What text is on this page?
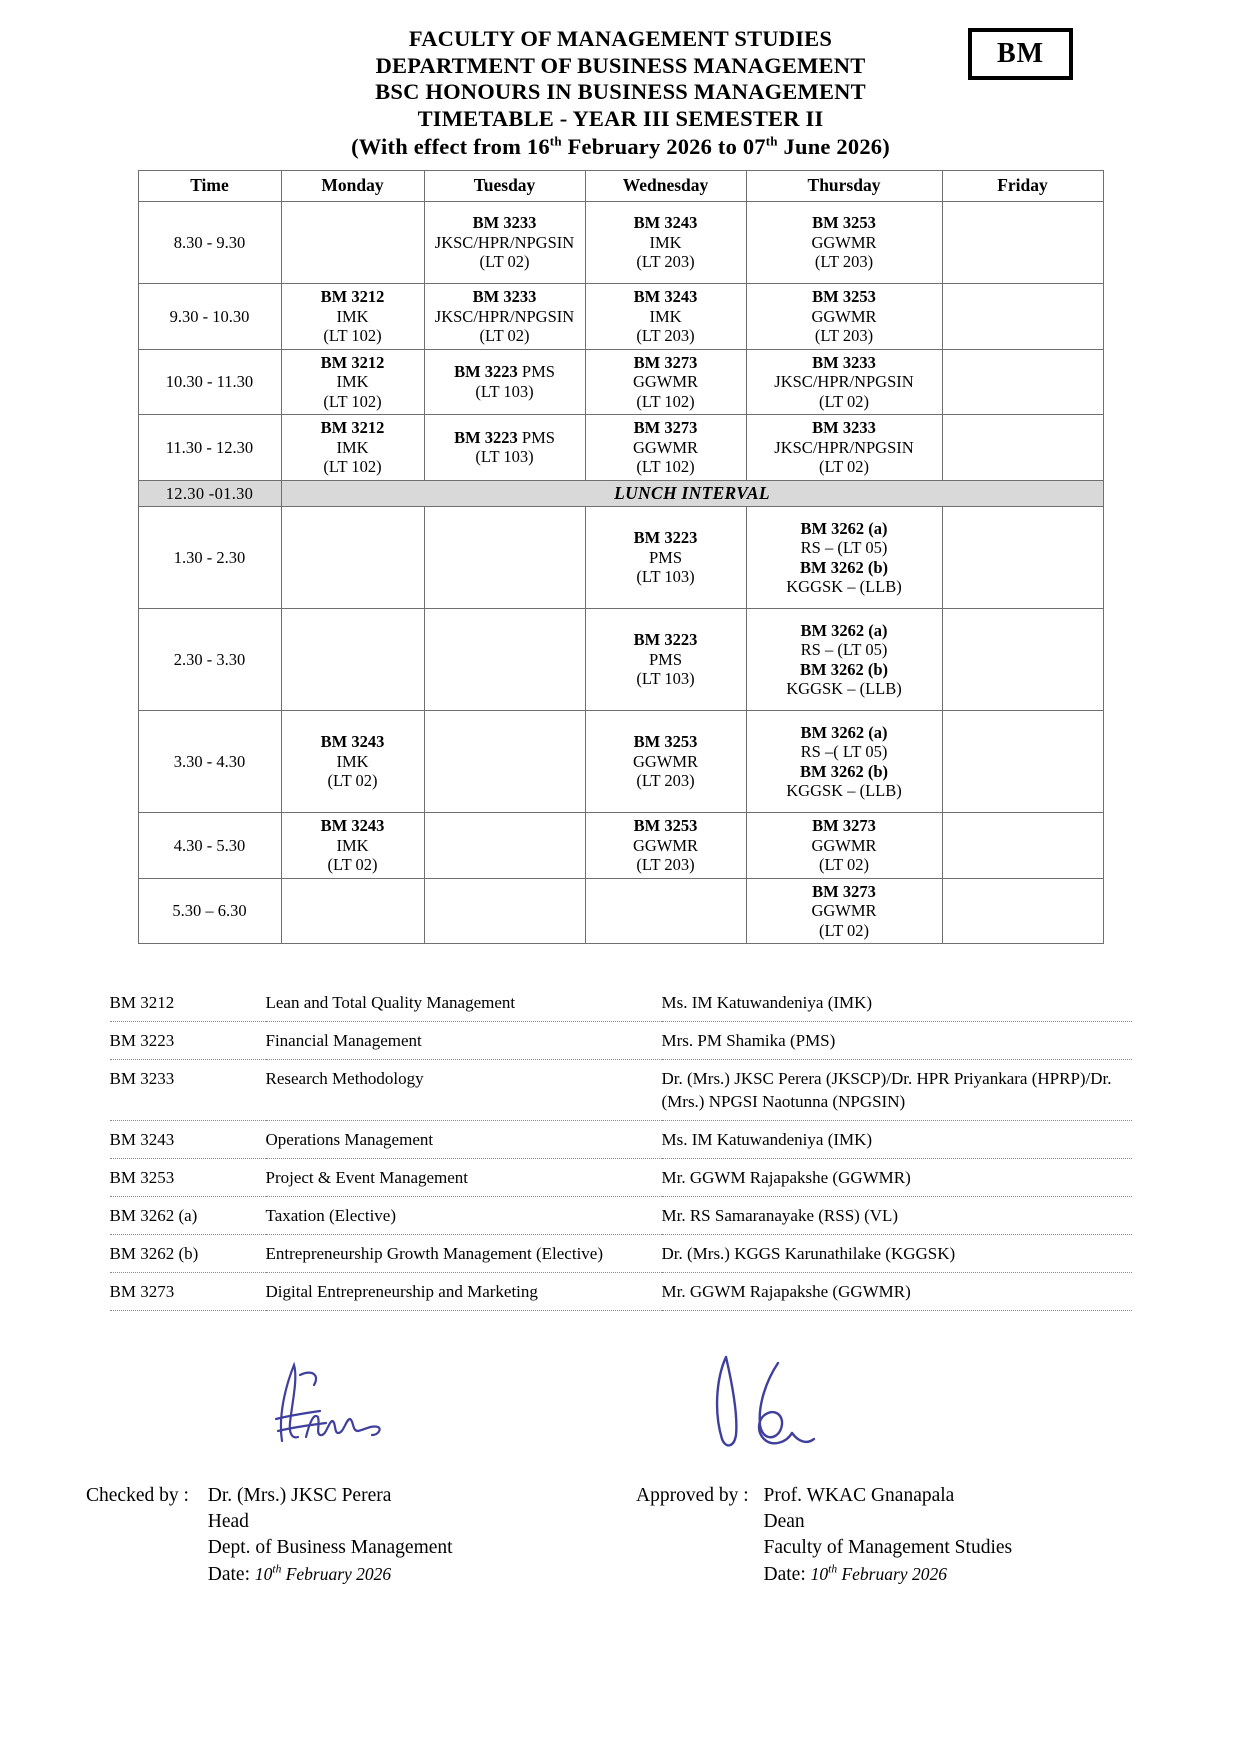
BM
FACULTY OF MANAGEMENT STUDIES
DEPARTMENT OF BUSINESS MANAGEMENT
BSC HONOURS IN BUSINESS MANAGEMENT
TIMETABLE - YEAR III SEMESTER II
(With effect from 16th February 2026 to 07th June 2026)
Time	Monday	Tuesday	Wednesday	Thursday	Friday
8.30 - 9.30		BM 3233
JKSC/HPR/NPGSIN
(LT 02)	BM 3243
IMK
(LT 203)	BM 3253
GGWMR
(LT 203)	

9.30 - 10.30	BM 3212
IMK
(LT 102)	BM 3233
JKSC/HPR/NPGSIN
(LT 02)	BM 3243
IMK
(LT 203)	BM 3253
GGWMR
(LT 203)	

10.30 - 11.30	BM 3212
IMK
(LT 102)	BM 3223 PMS
(LT 103)	BM 3273
GGWMR
(LT 102)	BM 3233
JKSC/HPR/NPGSIN
(LT 02)	

11.30 - 12.30	BM 3212
IMK
(LT 102)	BM 3223 PMS
(LT 103)	BM 3273
GGWMR
(LT 102)	BM 3233
JKSC/HPR/NPGSIN
(LT 02)	

12.30 -01.30	LUNCH INTERVAL				
1.30 - 2.30			BM 3223
PMS
(LT 103)	BM 3262 (a)
RS – (LT 05)
BM 3262 (b)
KGGSK – (LLB)	

2.30 - 3.30			BM 3223
PMS
(LT 103)	BM 3262 (a)
RS – (LT 05)
BM 3262 (b)
KGGSK – (LLB)	

3.30 - 4.30	BM 3243
IMK
(LT 02)		BM 3253
GGWMR
(LT 203)	BM 3262 (a)
RS –( LT 05)
BM 3262 (b)
KGGSK – (LLB)	

4.30 - 5.30	BM 3243
IMK
(LT 02)		BM 3253
GGWMR
(LT 203)	BM 3273
GGWMR
(LT 02)	

5.30 – 6.30				BM 3273
GGWMR
(LT 02)	

BM 3212	Lean and Total Quality Management	Ms. IM Katuwandeniya (IMK)
BM 3223	Financial Management	Mrs. PM Shamika (PMS)
BM 3233	Research Methodology	Dr. (Mrs.) JKSC Perera (JKSCP)/Dr. HPR Priyankara (HPRP)/Dr. (Mrs.) NPGSI Naotunna (NPGSIN)
BM 3243	Operations Management	Ms. IM Katuwandeniya (IMK)
BM 3253	Project & Event Management	Mr. GGWM Rajapakshe (GGWMR)
BM 3262 (a)	Taxation (Elective)	Mr. RS Samaranayake (RSS) (VL)
BM 3262 (b)	Entrepreneurship Growth Management (Elective)	Dr. (Mrs.) KGGS Karunathilake (KGGSK)
BM 3273	Digital Entrepreneurship and Marketing	Mr. GGWM Rajapakshe (GGWMR)
Checked by : Dr. (Mrs.) JKSC Perera
Head
Dept. of Business Management
Date: 10th February 2026
Approved by : Prof. WKAC Gnanapala
Dean
Faculty of Management Studies
Date: 10th February 2026
